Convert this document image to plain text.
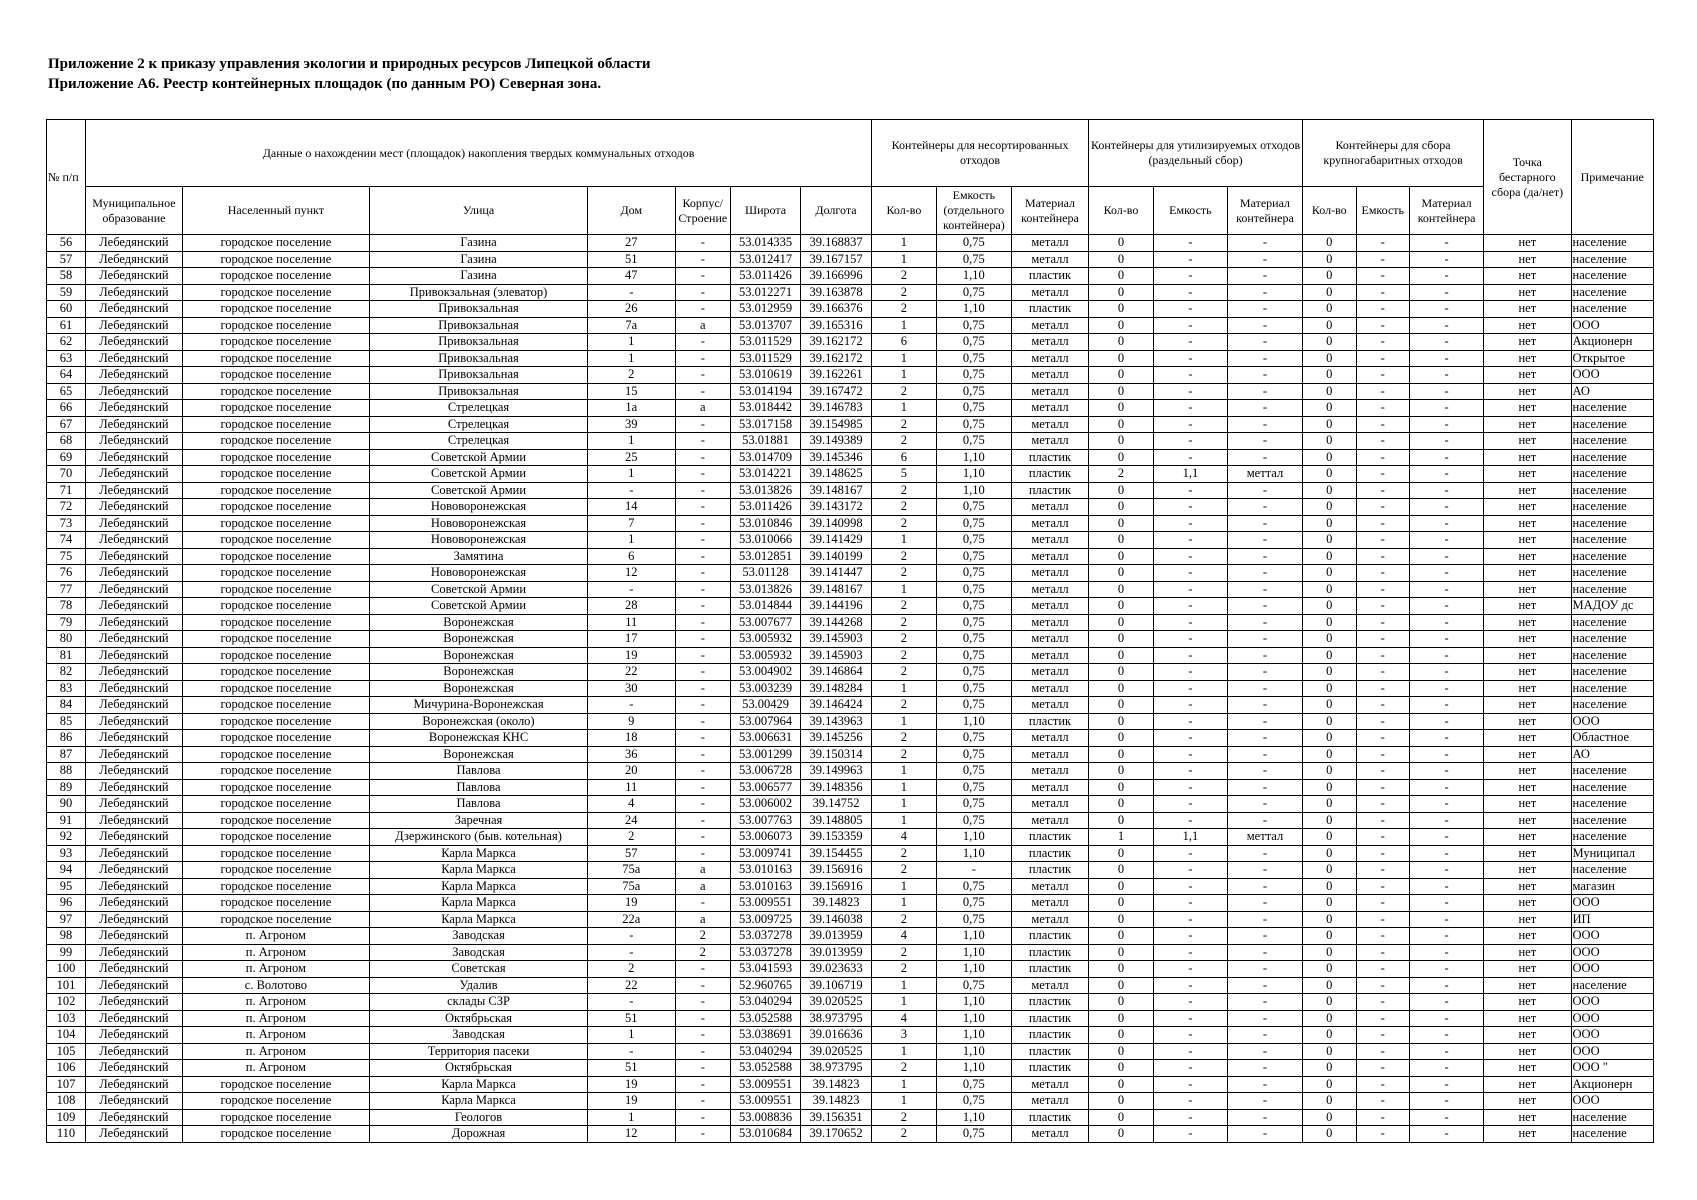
Приложение 2 к приказу управления экологии и природных ресурсов Липецкой области
Приложение А6. Реестр контейнерных площадок (по данным РО) Северная зона.
№ п/п	Данные о нахождении мест (площадок) накопления твердых коммунальных отходов							Контейнеры для несортированных отходов			Контейнеры для утилизируемых отходов (раздельный сбор)			Контейнеры для сбора крупногабаритных отходов			Точка бестарного сбора (да/нет)	Примечание
	Муниципальное образование	Населенный пункт	Улица	Дом	Корпус/ Строение	Широта	Долгота	Кол-во	Емкость (отдельного контейнера)	Материал контейнера	Кол-во	Емкость	Материал контейнера	Кол-во	Емкость	Материал контейнера		
56	Лебедянский	городское поселение	Газина	27	-	53.014335	39.168837	1	0,75	металл	0	-	-	0	-	-	нет	население
57	Лебедянский	городское поселение	Газина	51	-	53.012417	39.167157	1	0,75	металл	0	-	-	0	-	-	нет	население
58	Лебедянский	городское поселение	Газина	47	-	53.011426	39.166996	2	1,10	пластик	0	-	-	0	-	-	нет	население
59	Лебедянский	городское поселение	Привокзальная (элеватор)	-	-	53.012271	39.163878	2	0,75	металл	0	-	-	0	-	-	нет	население
60	Лебедянский	городское поселение	Привокзальная	26	-	53.012959	39.166376	2	1,10	пластик	0	-	-	0	-	-	нет	население
61	Лебедянский	городское поселение	Привокзальная	7а	а	53.013707	39.165316	1	0,75	металл	0	-	-	0	-	-	нет	ООО
62	Лебедянский	городское поселение	Привокзальная	1	-	53.011529	39.162172	6	0,75	металл	0	-	-	0	-	-	нет	Акционерн
63	Лебедянский	городское поселение	Привокзальная	1	-	53.011529	39.162172	1	0,75	металл	0	-	-	0	-	-	нет	Открытое
64	Лебедянский	городское поселение	Привокзальная	2	-	53.010619	39.162261	1	0,75	металл	0	-	-	0	-	-	нет	ООО
65	Лебедянский	городское поселение	Привокзальная	15	-	53.014194	39.167472	2	0,75	металл	0	-	-	0	-	-	нет	АО
66	Лебедянский	городское поселение	Стрелецкая	1а	а	53.018442	39.146783	1	0,75	металл	0	-	-	0	-	-	нет	население
67	Лебедянский	городское поселение	Стрелецкая	39	-	53.017158	39.154985	2	0,75	металл	0	-	-	0	-	-	нет	население
68	Лебедянский	городское поселение	Стрелецкая	1	-	53.01881	39.149389	2	0,75	металл	0	-	-	0	-	-	нет	население
69	Лебедянский	городское поселение	Советской Армии	25	-	53.014709	39.145346	6	1,10	пластик	0	-	-	0	-	-	нет	население
70	Лебедянский	городское поселение	Советской Армии	1	-	53.014221	39.148625	5	1,10	пластик	2	1,1	меттал	0	-	-	нет	население
71	Лебедянский	городское поселение	Советской Армии	-	-	53.013826	39.148167	2	1,10	пластик	0	-	-	0	-	-	нет	население
72	Лебедянский	городское поселение	Нововоронежская	14	-	53.011426	39.143172	2	0,75	металл	0	-	-	0	-	-	нет	население
73	Лебедянский	городское поселение	Нововоронежская	7	-	53.010846	39.140998	2	0,75	металл	0	-	-	0	-	-	нет	население
74	Лебедянский	городское поселение	Нововоронежская	1	-	53.010066	39.141429	1	0,75	металл	0	-	-	0	-	-	нет	население
75	Лебедянский	городское поселение	Замятина	6	-	53.012851	39.140199	2	0,75	металл	0	-	-	0	-	-	нет	население
76	Лебедянский	городское поселение	Нововоронежская	12	-	53.01128	39.141447	2	0,75	металл	0	-	-	0	-	-	нет	население
77	Лебедянский	городское поселение	Советской Армии	-	-	53.013826	39.148167	1	0,75	металл	0	-	-	0	-	-	нет	население
78	Лебедянский	городское поселение	Советской Армии	28	-	53.014844	39.144196	2	0,75	металл	0	-	-	0	-	-	нет	МАДОУ дс
79	Лебедянский	городское поселение	Воронежская	11	-	53.007677	39.144268	2	0,75	металл	0	-	-	0	-	-	нет	население
80	Лебедянский	городское поселение	Воронежская	17	-	53.005932	39.145903	2	0,75	металл	0	-	-	0	-	-	нет	население
81	Лебедянский	городское поселение	Воронежская	19	-	53.005932	39.145903	2	0,75	металл	0	-	-	0	-	-	нет	население
82	Лебедянский	городское поселение	Воронежская	22	-	53.004902	39.146864	2	0,75	металл	0	-	-	0	-	-	нет	население
83	Лебедянский	городское поселение	Воронежская	30	-	53.003239	39.148284	1	0,75	металл	0	-	-	0	-	-	нет	население
84	Лебедянский	городское поселение	Мичурина-Воронежская	-	-	53.00429	39.146424	2	0,75	металл	0	-	-	0	-	-	нет	население
85	Лебедянский	городское поселение	Воронежская (около)	9	-	53.007964	39.143963	1	1,10	пластик	0	-	-	0	-	-	нет	ООО
86	Лебедянский	городское поселение	Воронежская КНС	18	-	53.006631	39.145256	2	0,75	металл	0	-	-	0	-	-	нет	Областное
87	Лебедянский	городское поселение	Воронежская	36	-	53.001299	39.150314	2	0,75	металл	0	-	-	0	-	-	нет	АО
88	Лебедянский	городское поселение	Павлова	20	-	53.006728	39.149963	1	0,75	металл	0	-	-	0	-	-	нет	население
89	Лебедянский	городское поселение	Павлова	11	-	53.006577	39.148356	1	0,75	металл	0	-	-	0	-	-	нет	население
90	Лебедянский	городское поселение	Павлова	4	-	53.006002	39.14752	1	0,75	металл	0	-	-	0	-	-	нет	население
91	Лебедянский	городское поселение	Заречная	24	-	53.007763	39.148805	1	0,75	металл	0	-	-	0	-	-	нет	население
92	Лебедянский	городское поселение	Дзержинского (быв. котельная)	2	-	53.006073	39.153359	4	1,10	пластик	1	1,1	меттал	0	-	-	нет	население
93	Лебедянский	городское поселение	Карла Маркса	57	-	53.009741	39.154455	2	1,10	пластик	0	-	-	0	-	-	нет	Муниципал
94	Лебедянский	городское поселение	Карла Маркса	75а	а	53.010163	39.156916	2	-	пластик	0	-	-	0	-	-	нет	население
95	Лебедянский	городское поселение	Карла Маркса	75а	а	53.010163	39.156916	1	0,75	металл	0	-	-	0	-	-	нет	магазин
96	Лебедянский	городское поселение	Карла Маркса	19	-	53.009551	39.14823	1	0,75	металл	0	-	-	0	-	-	нет	ООО
97	Лебедянский	городское поселение	Карла Маркса	22а	а	53.009725	39.146038	2	0,75	металл	0	-	-	0	-	-	нет	ИП
98	Лебедянский	п. Агроном	Заводская	-	2	53.037278	39.013959	4	1,10	пластик	0	-	-	0	-	-	нет	ООО
99	Лебедянский	п. Агроном	Заводская	-	2	53.037278	39.013959	2	1,10	пластик	0	-	-	0	-	-	нет	ООО
100	Лебедянский	п. Агроном	Советская	2	-	53.041593	39.023633	2	1,10	пластик	0	-	-	0	-	-	нет	ООО
101	Лебедянский	с. Волотово	Удалив	22	-	52.960765	39.106719	1	0,75	металл	0	-	-	0	-	-	нет	население
102	Лебедянский	п. Агроном	склады СЗР	-	-	53.040294	39.020525	1	1,10	пластик	0	-	-	0	-	-	нет	ООО
103	Лебедянский	п. Агроном	Октябрьская	51	-	53.052588	38.973795	4	1,10	пластик	0	-	-	0	-	-	нет	ООО
104	Лебедянский	п. Агроном	Заводская	1	-	53.038691	39.016636	3	1,10	пластик	0	-	-	0	-	-	нет	ООО
105	Лебедянский	п. Агроном	Территория пасеки	-	-	53.040294	39.020525	1	1,10	пластик	0	-	-	0	-	-	нет	ООО
106	Лебедянский	п. Агроном	Октябрьская	51	-	53.052588	38.973795	2	1,10	пластик	0	-	-	0	-	-	нет	ООО "
107	Лебедянский	городское поселение	Карла Маркса	19	-	53.009551	39.14823	1	0,75	металл	0	-	-	0	-	-	нет	Акционерн
108	Лебедянский	городское поселение	Карла Маркса	19	-	53.009551	39.14823	1	0,75	металл	0	-	-	0	-	-	нет	ООО
109	Лебедянский	городское поселение	Геологов	1	-	53.008836	39.156351	2	1,10	пластик	0	-	-	0	-	-	нет	население
110	Лебедянский	городское поселение	Дорожная	12	-	53.010684	39.170652	2	0,75	металл	0	-	-	0	-	-	нет	население
